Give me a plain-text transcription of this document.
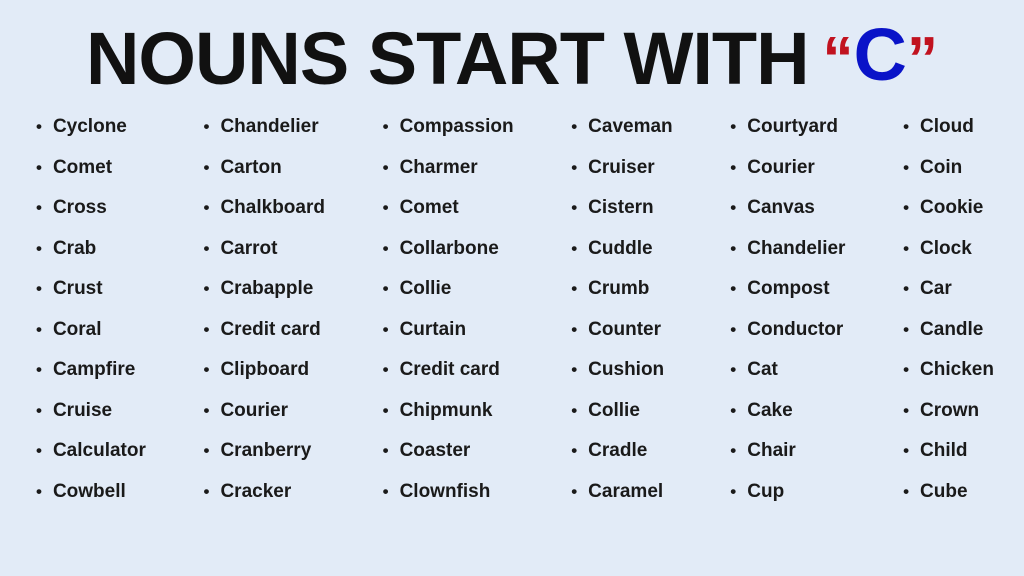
NOUNS START WITH “C”
• Cyclone
• Comet
• Cross
• Crab
• Crust
• Coral
• Campfire
• Cruise
• Calculator
• Cowbell
• Chandelier
• Carton
• Chalkboard
• Carrot
• Crabapple
• Credit card
• Clipboard
• Courier
• Cranberry
• Cracker
• Compassion
• Charmer
• Comet
• Collarbone
• Collie
• Curtain
• Credit card
• Chipmunk
• Coaster
• Clownfish
• Caveman
• Cruiser
• Cistern
• Cuddle
• Crumb
• Counter
• Cushion
• Collie
• Cradle
• Caramel
• Courtyard
• Courier
• Canvas
• Chandelier
• Compost
• Conductor
• Cat
• Cake
• Chair
• Cup
• Cloud
• Coin
• Cookie
• Clock
• Car
• Candle
• Chicken
• Crown
• Child
• Cube
